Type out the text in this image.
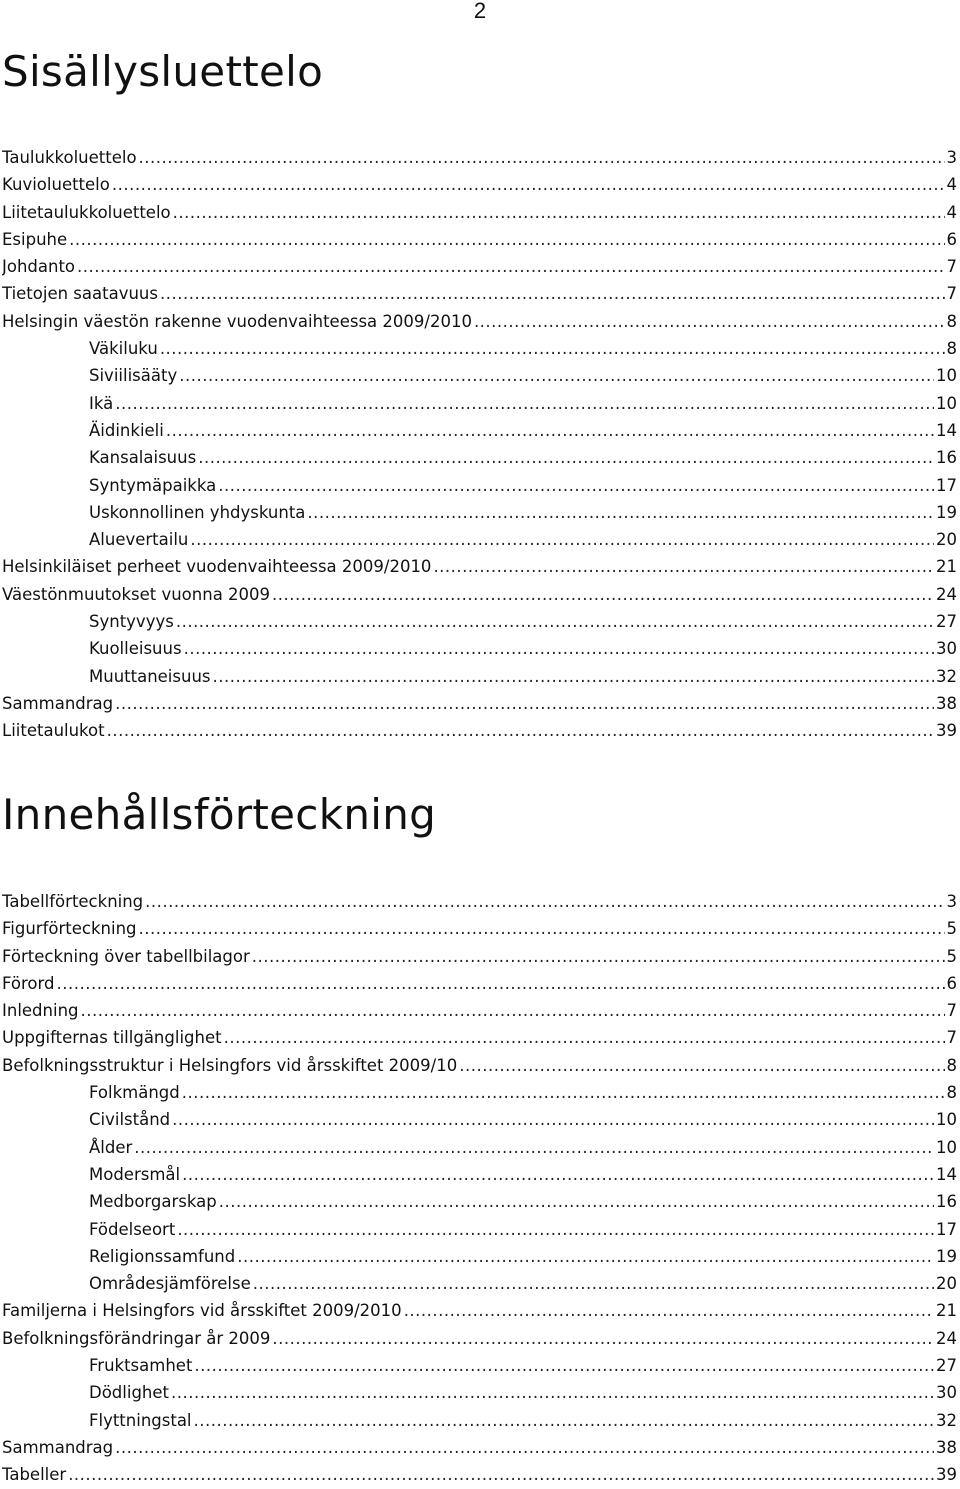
2
Sisällysluettelo
Taulukkoluettelo .....	3
Kuvioluettelo .....	4
Liitetaulukkoluettelo .....	4
Esipuhe .....	6
Johdanto .....	7
Tietojen saatavuus .....	7
Helsingin väestön rakenne vuodenvaihteessa 2009/2010 .....	8
Väkiluku .....	8
Siviilisääty .....	10
Ikä .....	10
Äidinkieli .....	14
Kansalaisuus .....	16
Syntymäpaikka .....	17
Uskonnollinen yhdyskunta .....	19
Aluevertailu .....	20
Helsinkiläiset perheet vuodenvaihteessa 2009/2010 .....	21
Väestönmuutokset vuonna 2009 .....	24
Syntyvyys .....	27
Kuolleisuus .....	30
Muuttaneisuus .....	32
Sammandrag .....	38
Liitetaulukot .....	39
Innehållsförteckning
Tabellförteckning .....	3
Figurförteckning .....	5
Förteckning över tabellbilagor .....	5
Förord .....	6
Inledning .....	7
Uppgifternas tillgänglighet .....	7
Befolkningsstruktur i Helsingfors vid årsskiftet 2009/10 .....	8
Folkmängd .....	8
Civilstånd .....	10
Ålder .....	10
Modersmål .....	14
Medborgarskap .....	16
Födelseort .....	17
Religionssamfund .....	19
Områdesjämförelse .....	20
Familjerna i Helsingfors vid årsskiftet 2009/2010 .....	21
Befolkningsförändringar år 2009 .....	24
Fruktsamhet .....	27
Dödlighet .....	30
Flyttningstal .....	32
Sammandrag .....	38
Tabeller .....	39
